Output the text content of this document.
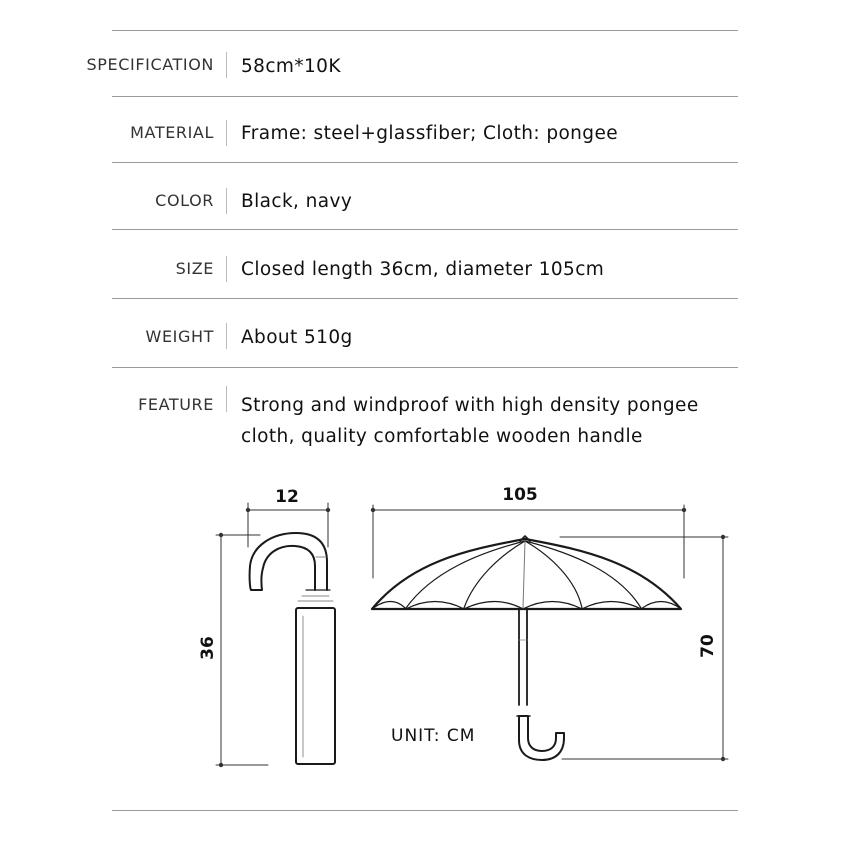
SPECIFICATION 58cm*10K
MATERIAL Frame: steel+glassfiber; Cloth: pongee
COLOR Black, navy
SIZE Closed length 36cm, diameter 105cm
WEIGHT About 510g
FEATURE Strong and windproof with high density pongee
cloth, quality comfortable wooden handle
12
36
105
70
UNIT: CM
